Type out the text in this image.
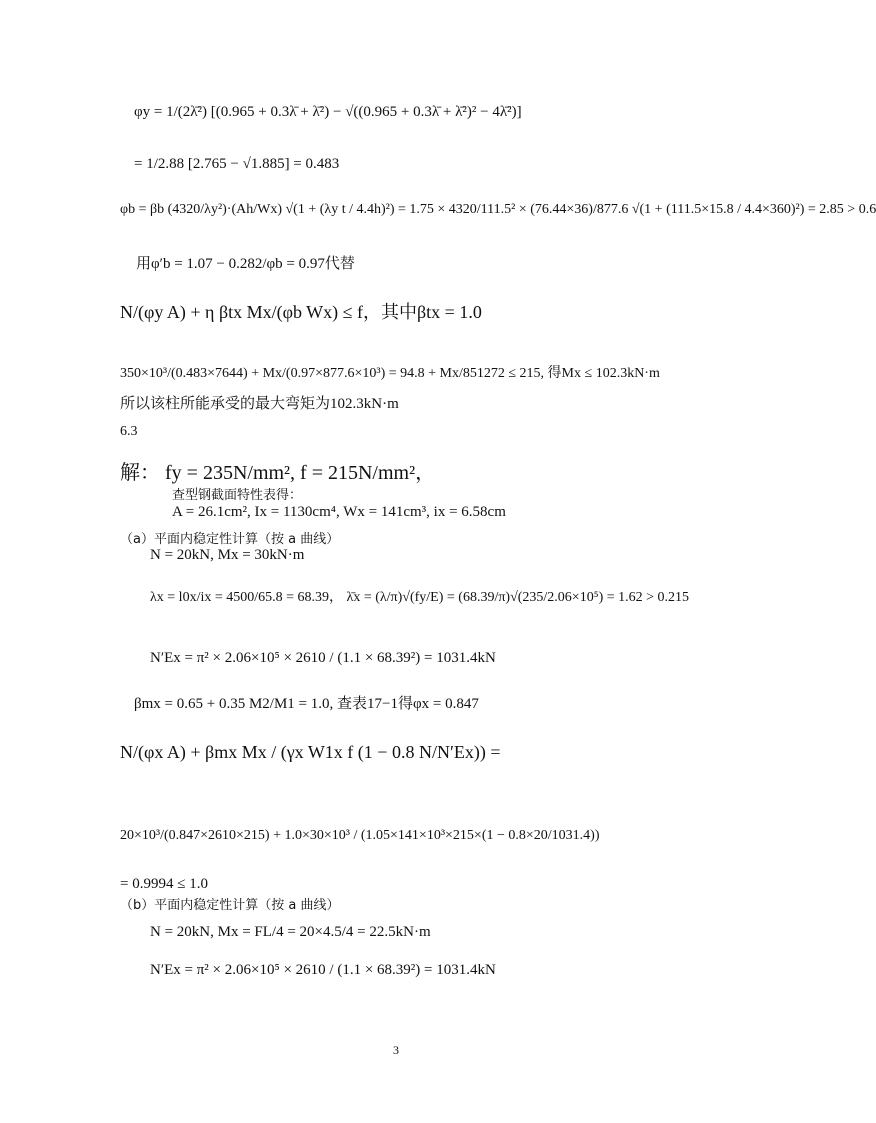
φy = 1/(2λ̄²) [(0.965 + 0.3λ̄ + λ̄²) − √((0.965 + 0.3λ̄ + λ̄²)² − 4λ̄²)]
= 1/2.88 [2.765 − √1.885] = 0.483
φb = βb (4320/λy²)·(Ah/Wx) √(1 + (λy t / 4.4h)²) = 1.75 × 4320/111.5² × (76.44×36)/877.6 √(1 + (111.5×15.8 / 4.4×360)²) = 2.85 > 0.6
用φ′b = 1.07 − 0.282/φb = 0.97代替
N/(φy A) + η βtx Mx/(φb Wx) ≤ f，其中βtx = 1.0
350×10³/(0.483×7644) + Mx/(0.97×877.6×10³) = 94.8 + Mx/851272 ≤ 215, 得Mx ≤ 102.3kN·m
所以该柱所能承受的最大弯矩为102.3kN·m
6.3
解： fy = 235N/mm², f = 215N/mm²，
查型钢截面特性表得：
A = 26.1cm², Ix = 1130cm⁴, Wx = 141cm³, ix = 6.58cm
（a）平面内稳定性计算（按 a 曲线）
N = 20kN, Mx = 30kN·m
λx = l0x/ix = 4500/65.8 = 68.39， λ̄x = (λ/π)√(fy/E) = (68.39/π)√(235/2.06×10⁵) = 1.62 > 0.215
N′Ex = π² × 2.06×10⁵ × 2610 / (1.1 × 68.39²) = 1031.4kN
βmx = 0.65 + 0.35 M2/M1 = 1.0, 查表17−1得φx = 0.847
N/(φx A) + βmx Mx / (γx W1x f (1 − 0.8 N/N′Ex)) =
20×10³/(0.847×2610×215) + 1.0×30×10³ / (1.05×141×10³×215×(1 − 0.8×20/1031.4))
= 0.9994 ≤ 1.0
（b）平面内稳定性计算（按 a 曲线）
N = 20kN, Mx = FL/4 = 20×4.5/4 = 22.5kN·m
N′Ex = π² × 2.06×10⁵ × 2610 / (1.1 × 68.39²) = 1031.4kN
3
